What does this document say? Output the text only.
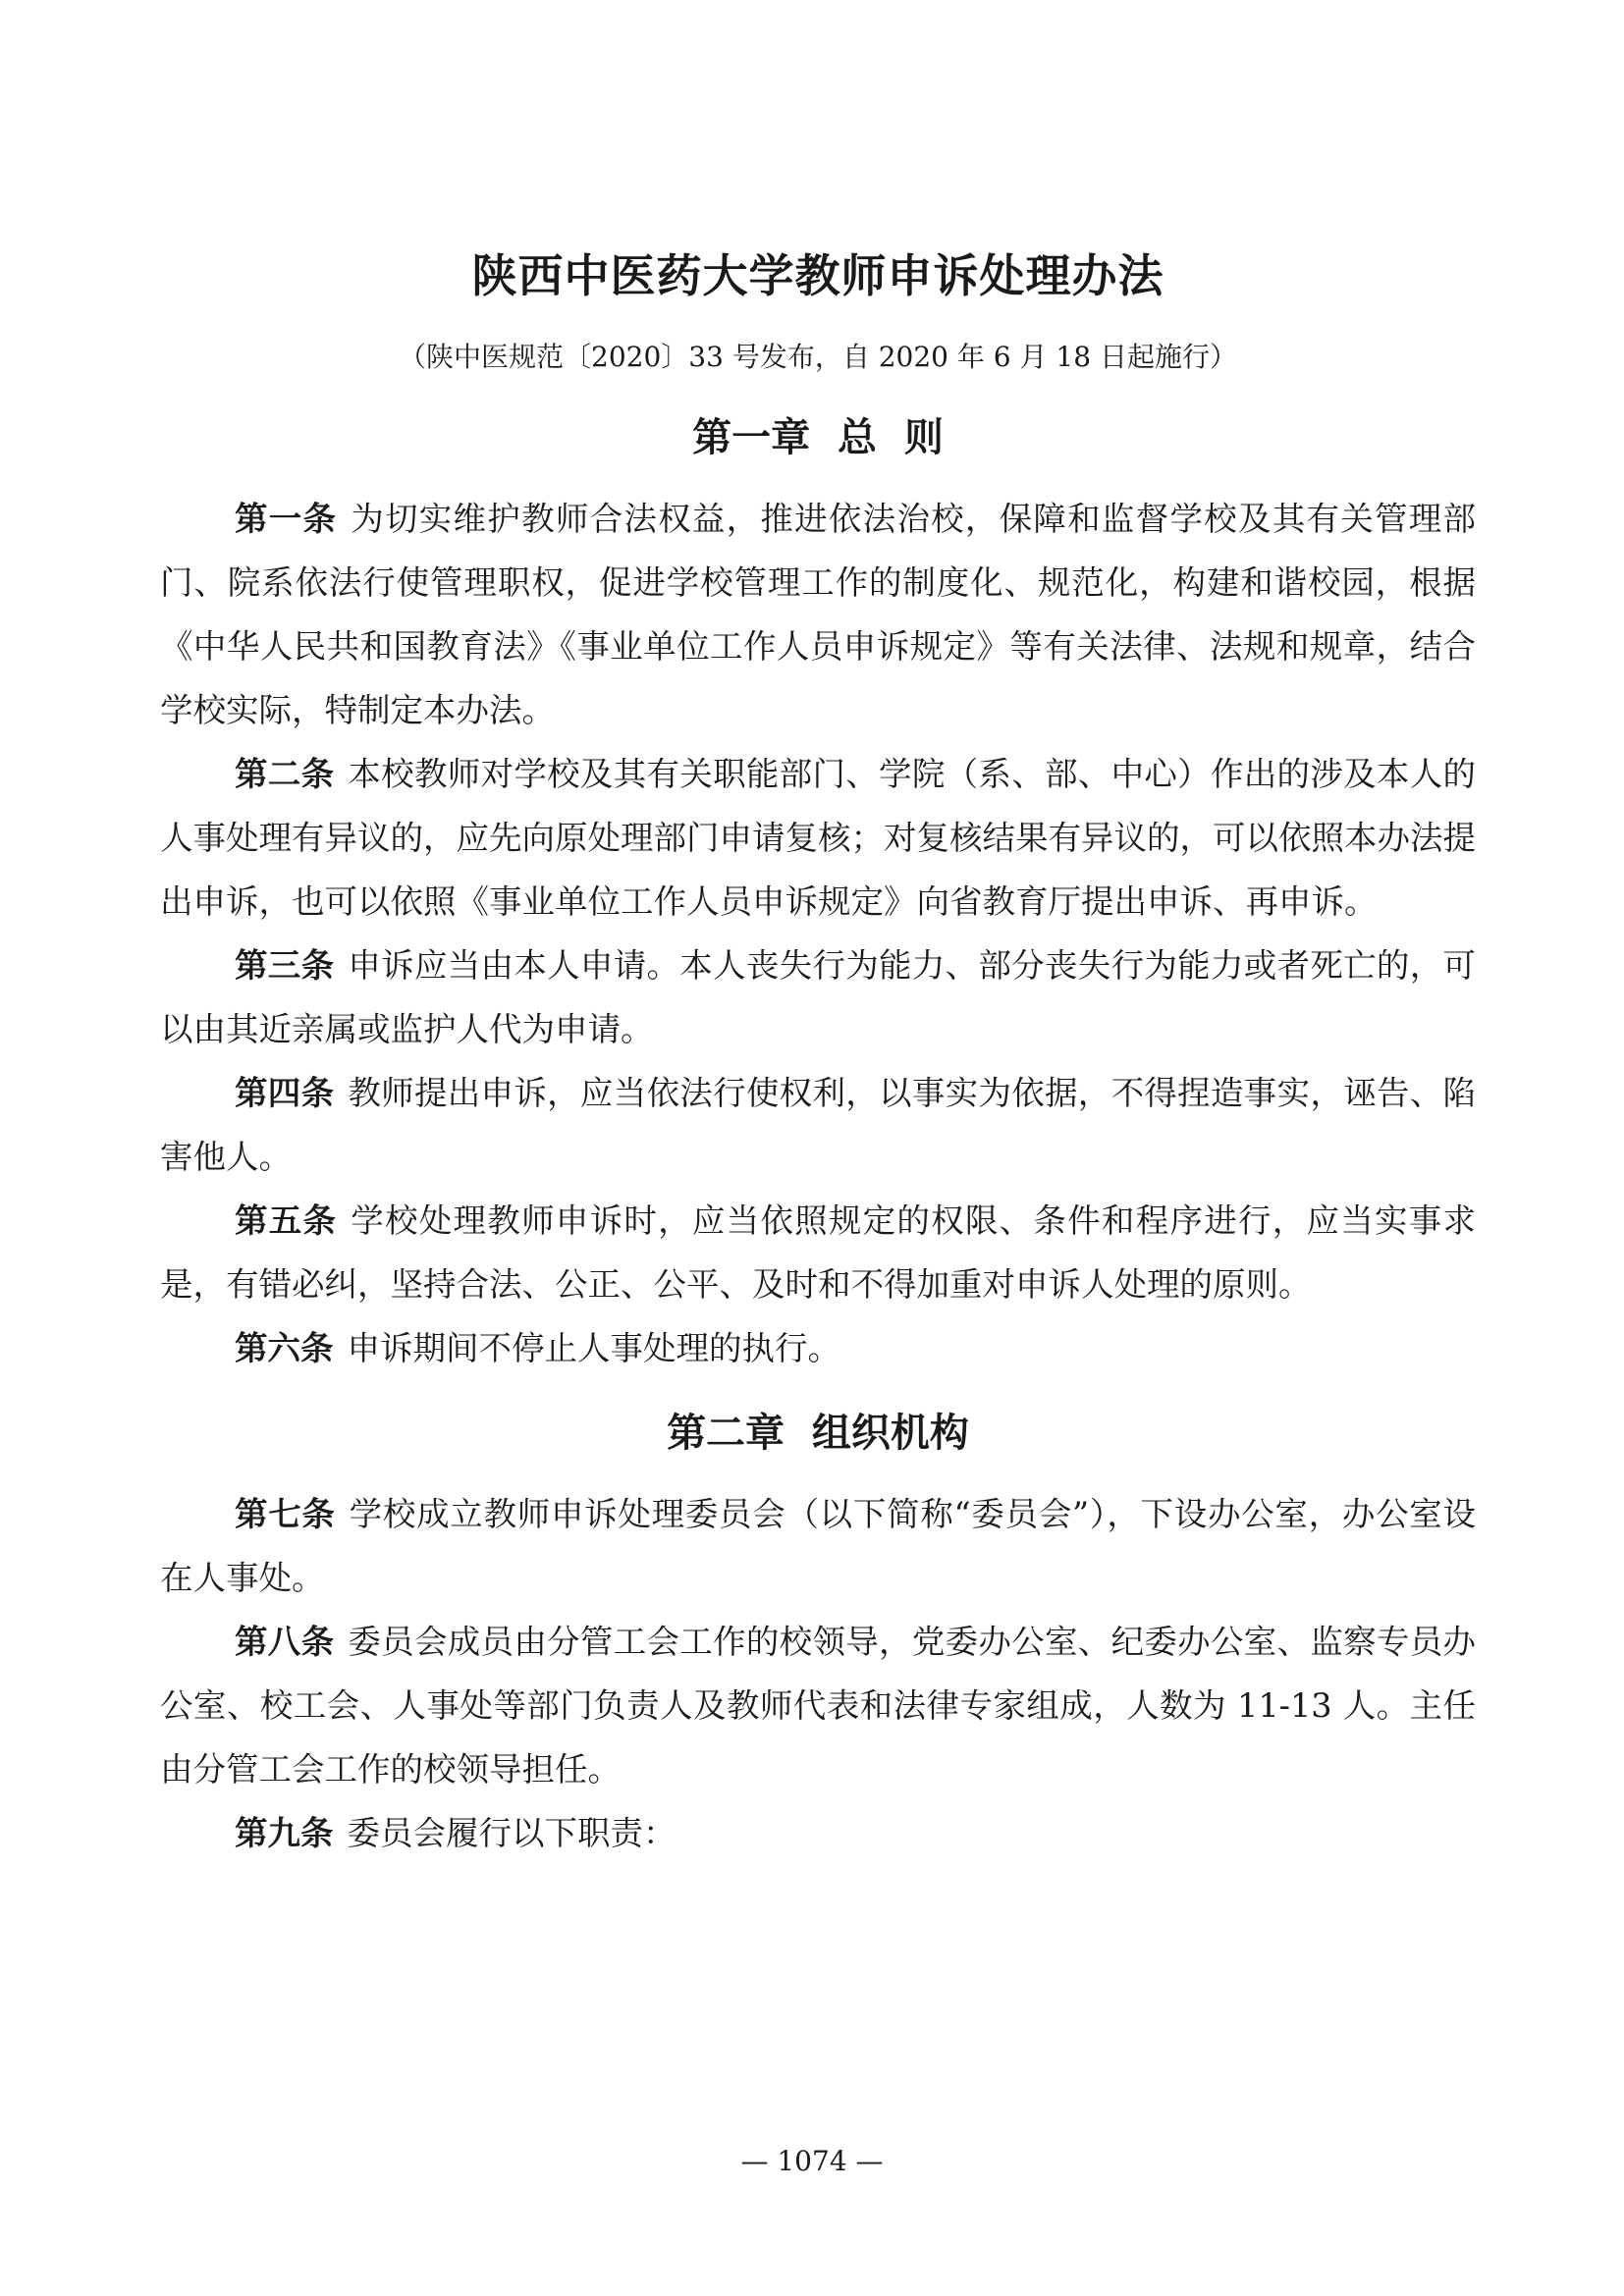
陕西中医药大学教师申诉处理办法
（陕中医规范〔2020〕33 号发布，自 2020 年 6 月 18 日起施行）
第一章  总  则

第一条 为切实维护教师合法权益，推进依法治校，保障和监督学校及其有关管理部门、院系依法行使管理职权，促进学校管理工作的制度化、规范化，构建和谐校园，根据《中华人民共和国教育法》《事业单位工作人员申诉规定》等有关法律、法规和规章，结合学校实际，特制定本办法。

第二条 本校教师对学校及其有关职能部门、学院（系、部、中心）作出的涉及本人的人事处理有异议的，应先向原处理部门申请复核；对复核结果有异议的，可以依照本办法提出申诉，也可以依照《事业单位工作人员申诉规定》向省教育厅提出申诉、再申诉。

第三条 申诉应当由本人申请。本人丧失行为能力、部分丧失行为能力或者死亡的，可以由其近亲属或监护人代为申请。

第四条 教师提出申诉，应当依法行使权利，以事实为依据，不得捏造事实，诬告、陷害他人。

第五条 学校处理教师申诉时，应当依照规定的权限、条件和程序进行，应当实事求是，有错必纠，坚持合法、公正、公平、及时和不得加重对申诉人处理的原则。

第六条 申诉期间不停止人事处理的执行。

第二章  组织机构

第七条 学校成立教师申诉处理委员会（以下简称“委员会”），下设办公室，办公室设在人事处。

第八条 委员会成员由分管工会工作的校领导，党委办公室、纪委办公室、监察专员办公室、校工会、人事处等部门负责人及教师代表和法律专家组成，人数为 11-13 人。主任由分管工会工作的校领导担任。

第九条 委员会履行以下职责：

— 1074 —
